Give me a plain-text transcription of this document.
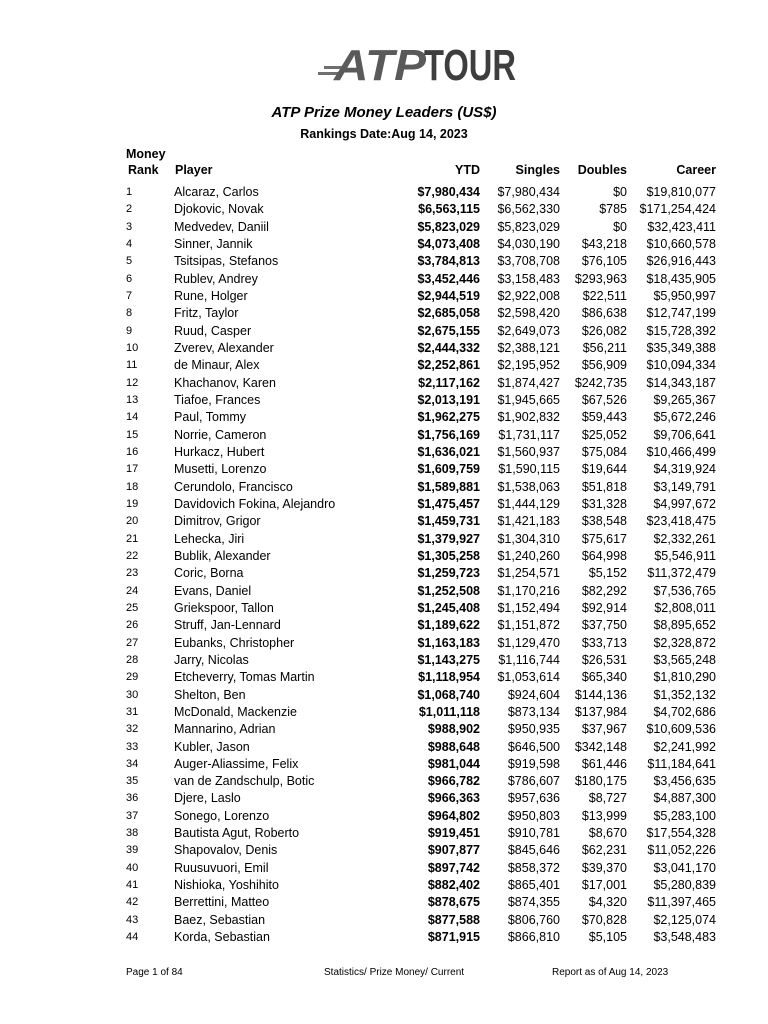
ATP
TOUR
ATP Prize Money Leaders (US$)
Rankings Date:Aug 14, 2023
Money
Rank Player	YTD	Singles	Doubles	Career
1	Alcaraz, Carlos	$7,980,434	$7,980,434	$0	$19,810,077
2	Djokovic, Novak	$6,563,115	$6,562,330	$785	$171,254,424
3	Medvedev, Daniil	$5,823,029	$5,823,029	$0	$32,423,411
4	Sinner, Jannik	$4,073,408	$4,030,190	$43,218	$10,660,578
5	Tsitsipas, Stefanos	$3,784,813	$3,708,708	$76,105	$26,916,443
6	Rublev, Andrey	$3,452,446	$3,158,483	$293,963	$18,435,905
7	Rune, Holger	$2,944,519	$2,922,008	$22,511	$5,950,997
8	Fritz, Taylor	$2,685,058	$2,598,420	$86,638	$12,747,199
9	Ruud, Casper	$2,675,155	$2,649,073	$26,082	$15,728,392
10	Zverev, Alexander	$2,444,332	$2,388,121	$56,211	$35,349,388
11	de Minaur, Alex	$2,252,861	$2,195,952	$56,909	$10,094,334
12	Khachanov, Karen	$2,117,162	$1,874,427	$242,735	$14,343,187
13	Tiafoe, Frances	$2,013,191	$1,945,665	$67,526	$9,265,367
14	Paul, Tommy	$1,962,275	$1,902,832	$59,443	$5,672,246
15	Norrie, Cameron	$1,756,169	$1,731,117	$25,052	$9,706,641
16	Hurkacz, Hubert	$1,636,021	$1,560,937	$75,084	$10,466,499
17	Musetti, Lorenzo	$1,609,759	$1,590,115	$19,644	$4,319,924
18	Cerundolo, Francisco	$1,589,881	$1,538,063	$51,818	$3,149,791
19	Davidovich Fokina, Alejandro	$1,475,457	$1,444,129	$31,328	$4,997,672
20	Dimitrov, Grigor	$1,459,731	$1,421,183	$38,548	$23,418,475
21	Lehecka, Jiri	$1,379,927	$1,304,310	$75,617	$2,332,261
22	Bublik, Alexander	$1,305,258	$1,240,260	$64,998	$5,546,911
23	Coric, Borna	$1,259,723	$1,254,571	$5,152	$11,372,479
24	Evans, Daniel	$1,252,508	$1,170,216	$82,292	$7,536,765
25	Griekspoor, Tallon	$1,245,408	$1,152,494	$92,914	$2,808,011
26	Struff, Jan-Lennard	$1,189,622	$1,151,872	$37,750	$8,895,652
27	Eubanks, Christopher	$1,163,183	$1,129,470	$33,713	$2,328,872
28	Jarry, Nicolas	$1,143,275	$1,116,744	$26,531	$3,565,248
29	Etcheverry, Tomas Martin	$1,118,954	$1,053,614	$65,340	$1,810,290
30	Shelton, Ben	$1,068,740	$924,604	$144,136	$1,352,132
31	McDonald, Mackenzie	$1,011,118	$873,134	$137,984	$4,702,686
32	Mannarino, Adrian	$988,902	$950,935	$37,967	$10,609,536
33	Kubler, Jason	$988,648	$646,500	$342,148	$2,241,992
34	Auger-Aliassime, Felix	$981,044	$919,598	$61,446	$11,184,641
35	van de Zandschulp, Botic	$966,782	$786,607	$180,175	$3,456,635
36	Djere, Laslo	$966,363	$957,636	$8,727	$4,887,300
37	Sonego, Lorenzo	$964,802	$950,803	$13,999	$5,283,100
38	Bautista Agut, Roberto	$919,451	$910,781	$8,670	$17,554,328
39	Shapovalov, Denis	$907,877	$845,646	$62,231	$11,052,226
40	Ruusuvuori, Emil	$897,742	$858,372	$39,370	$3,041,170
41	Nishioka, Yoshihito	$882,402	$865,401	$17,001	$5,280,839
42	Berrettini, Matteo	$878,675	$874,355	$4,320	$11,397,465
43	Baez, Sebastian	$877,588	$806,760	$70,828	$2,125,074
44	Korda, Sebastian	$871,915	$866,810	$5,105	$3,548,483
Page 1 of 84	Statistics/ Prize Money/ Current	Report as of Aug 14, 2023
